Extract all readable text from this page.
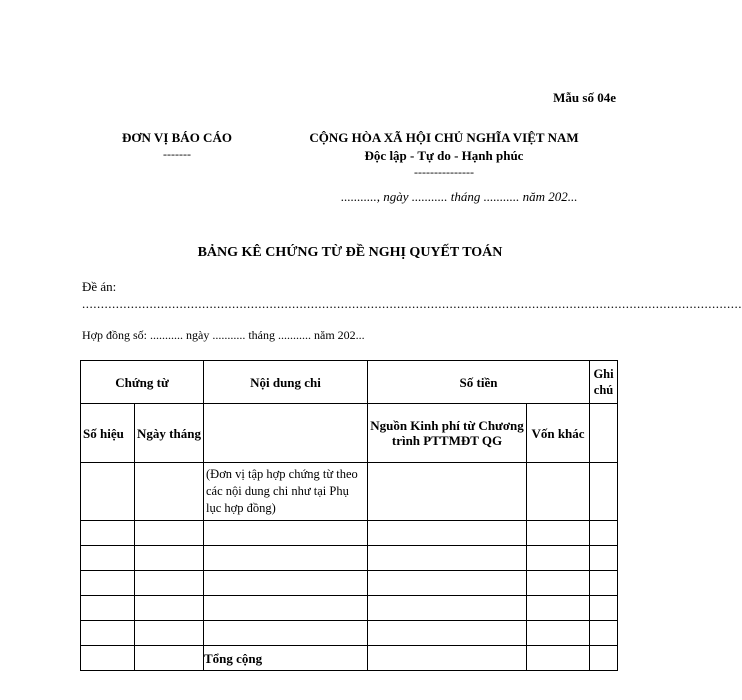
Mẫu số 04e
ĐƠN VỊ BÁO CÁO
-------
CỘNG HÒA XÃ HỘI CHỦ NGHĨA VIỆT NAM
Độc lập - Tự do - Hạnh phúc
---------------
..........., ngày ........... tháng ........... năm 202...
BẢNG KÊ CHỨNG TỪ ĐỀ NGHỊ QUYẾT TOÁN
Đề án:
................................................................................................................................................................................
Hợp đồng số: ........... ngày ........... tháng ........... năm 202...
Chứng từ		Nội dung chi	Số tiền		Ghi chú
Số hiệu	Ngày tháng		Nguồn Kinh phí từ Chương trình PTTMĐT QG	Vốn khác	

		(Đơn vị tập hợp chứng từ theo các nội dung chi như tại Phụ lục hợp đồng)			

		Tổng cộng			
